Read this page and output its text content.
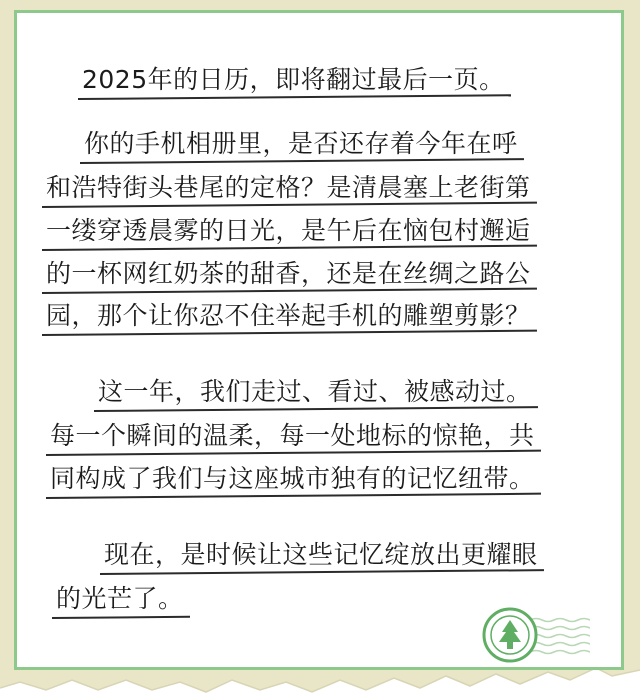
2025年的日历，即将翻过最后一页。
你的手机相册里，是否还存着今年在呼
和浩特街头巷尾的定格？是清晨塞上老街第
一缕穿透晨雾的日光，是午后在恼包村邂逅
的一杯网红奶茶的甜香，还是在丝绸之路公
园，那个让你忍不住举起手机的雕塑剪影？
这一年，我们走过、看过、被感动过。
每一个瞬间的温柔，每一处地标的惊艳，共
同构成了我们与这座城市独有的记忆纽带。
现在，是时候让这些记忆绽放出更耀眼
的光芒了。
